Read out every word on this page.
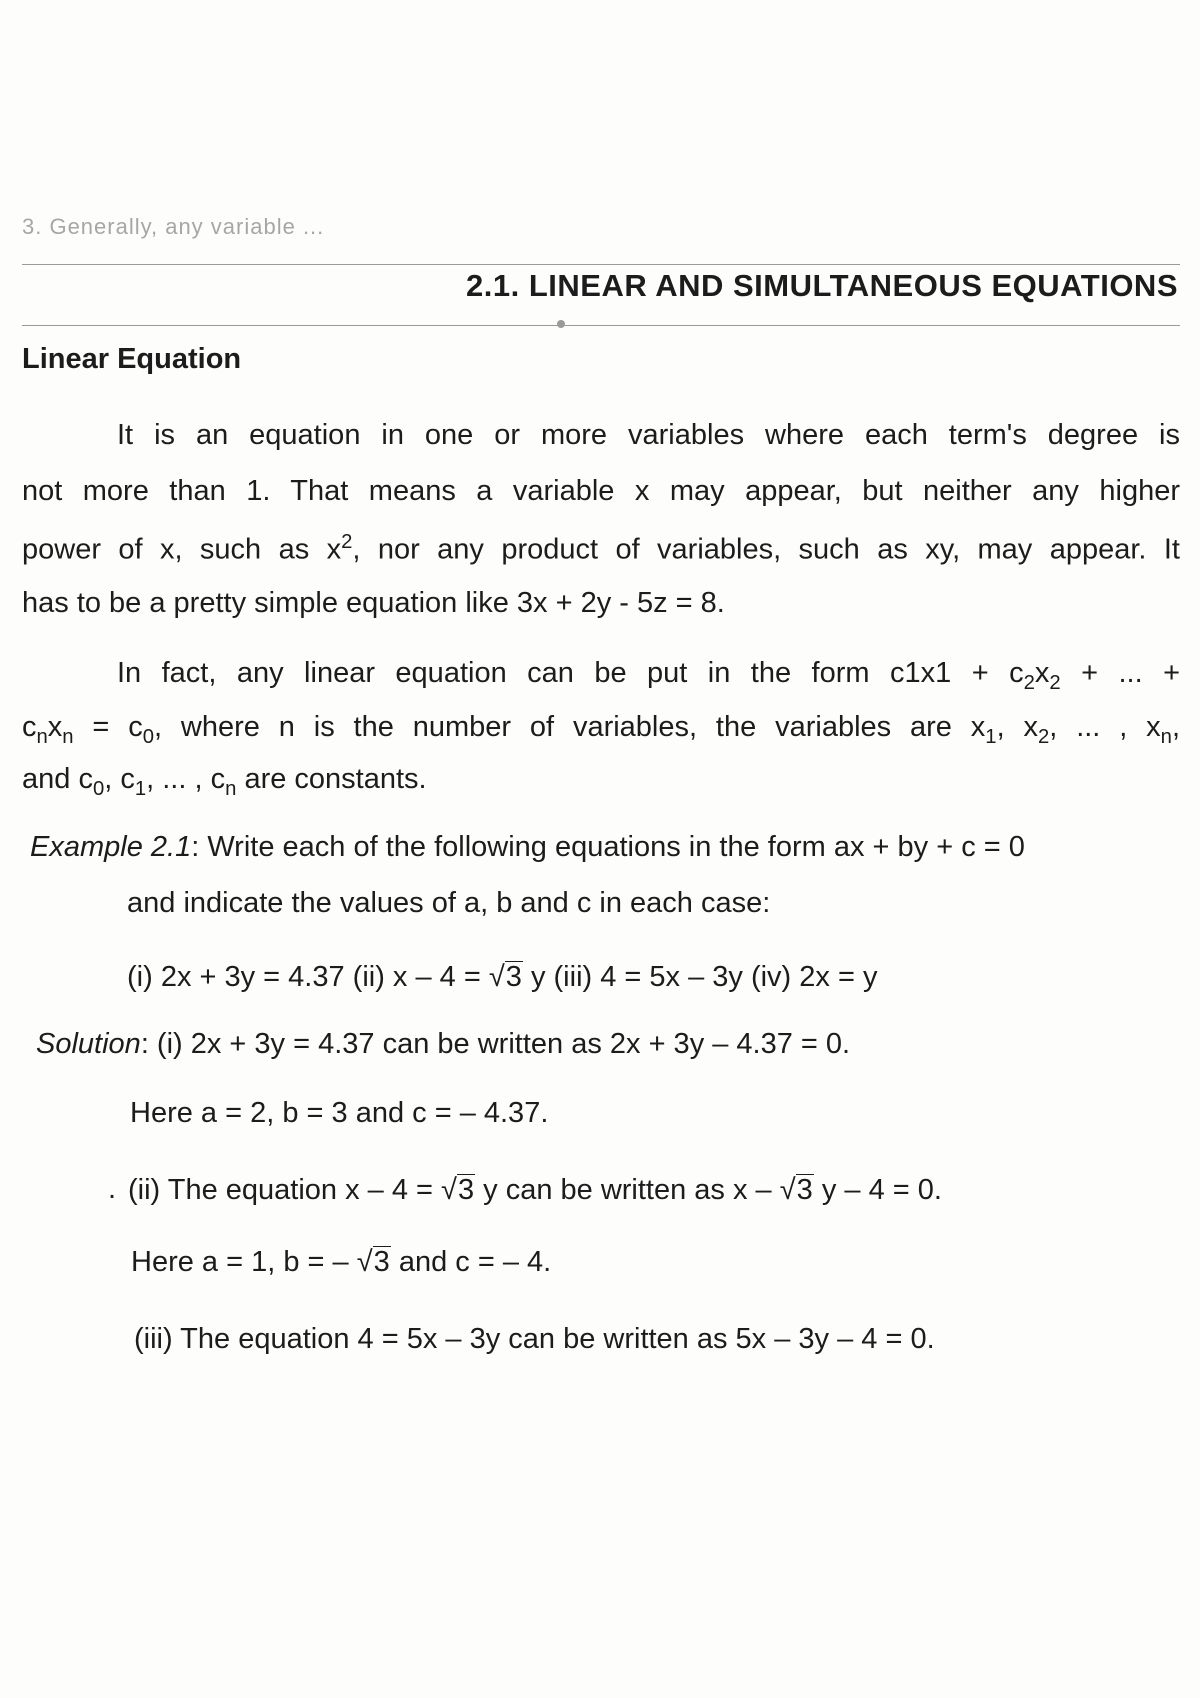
3. Generally, any variable ...
2.1. LINEAR AND SIMULTANEOUS EQUATIONS
Linear Equation
It is an equation in one or more variables where each term's degree is
not more than 1. That means a variable x may appear, but neither any higher
power of x, such as $x^2$, nor any product of variables, such as xy, may appear. It
has to be a pretty simple equation like 3x + 2y - 5z = 8.
In fact, any linear equation can be put in the form $c1x1 + c_2x_2$ + ... +
$c_nx_n = c_0$, where n is the number of variables, the variables are $x_1$, $x_2$, ... , $x_n$,
and $c_0$, $c_1$, ... , $c_n$ are constants.
Example 2.1: Write each of the following equations in the form ax + by + c = 0
and indicate the values of a, b and c in each case:
(i) 2x + 3y = 4.37 (ii) x – 4 = √3 y (iii) 4 = 5x – 3y (iv) 2x = y
Solution: (i) 2x + 3y = 4.37 can be written as 2x + 3y – 4.37 = 0.
Here a = 2, b = 3 and c = – 4.37.
. (ii) The equation x – 4 = √3 y can be written as x – √3 y – 4 = 0.
Here a = 1, b = – √3 and c = – 4.
(iii) The equation 4 = 5x – 3y can be written as 5x – 3y – 4 = 0.
